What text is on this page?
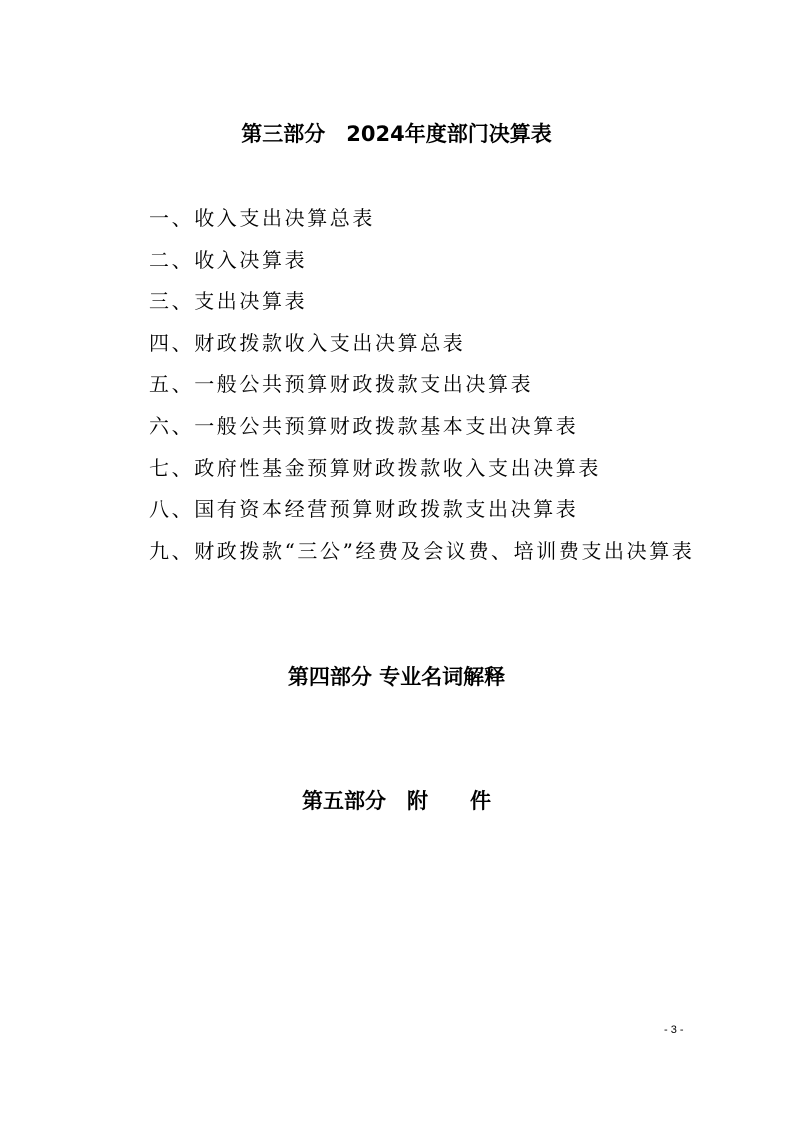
第三部分　2024年度部门决算表
一、收入支出决算总表
二、收入决算表
三、支出决算表
四、财政拨款收入支出决算总表
五、一般公共预算财政拨款支出决算表
六、一般公共预算财政拨款基本支出决算表
七、政府性基金预算财政拨款收入支出决算表
八、国有资本经营预算财政拨款支出决算表
九、财政拨款“三公”经费及会议费、培训费支出决算表
第四部分 专业名词解释
第五部分　附　　件
- 3 -
